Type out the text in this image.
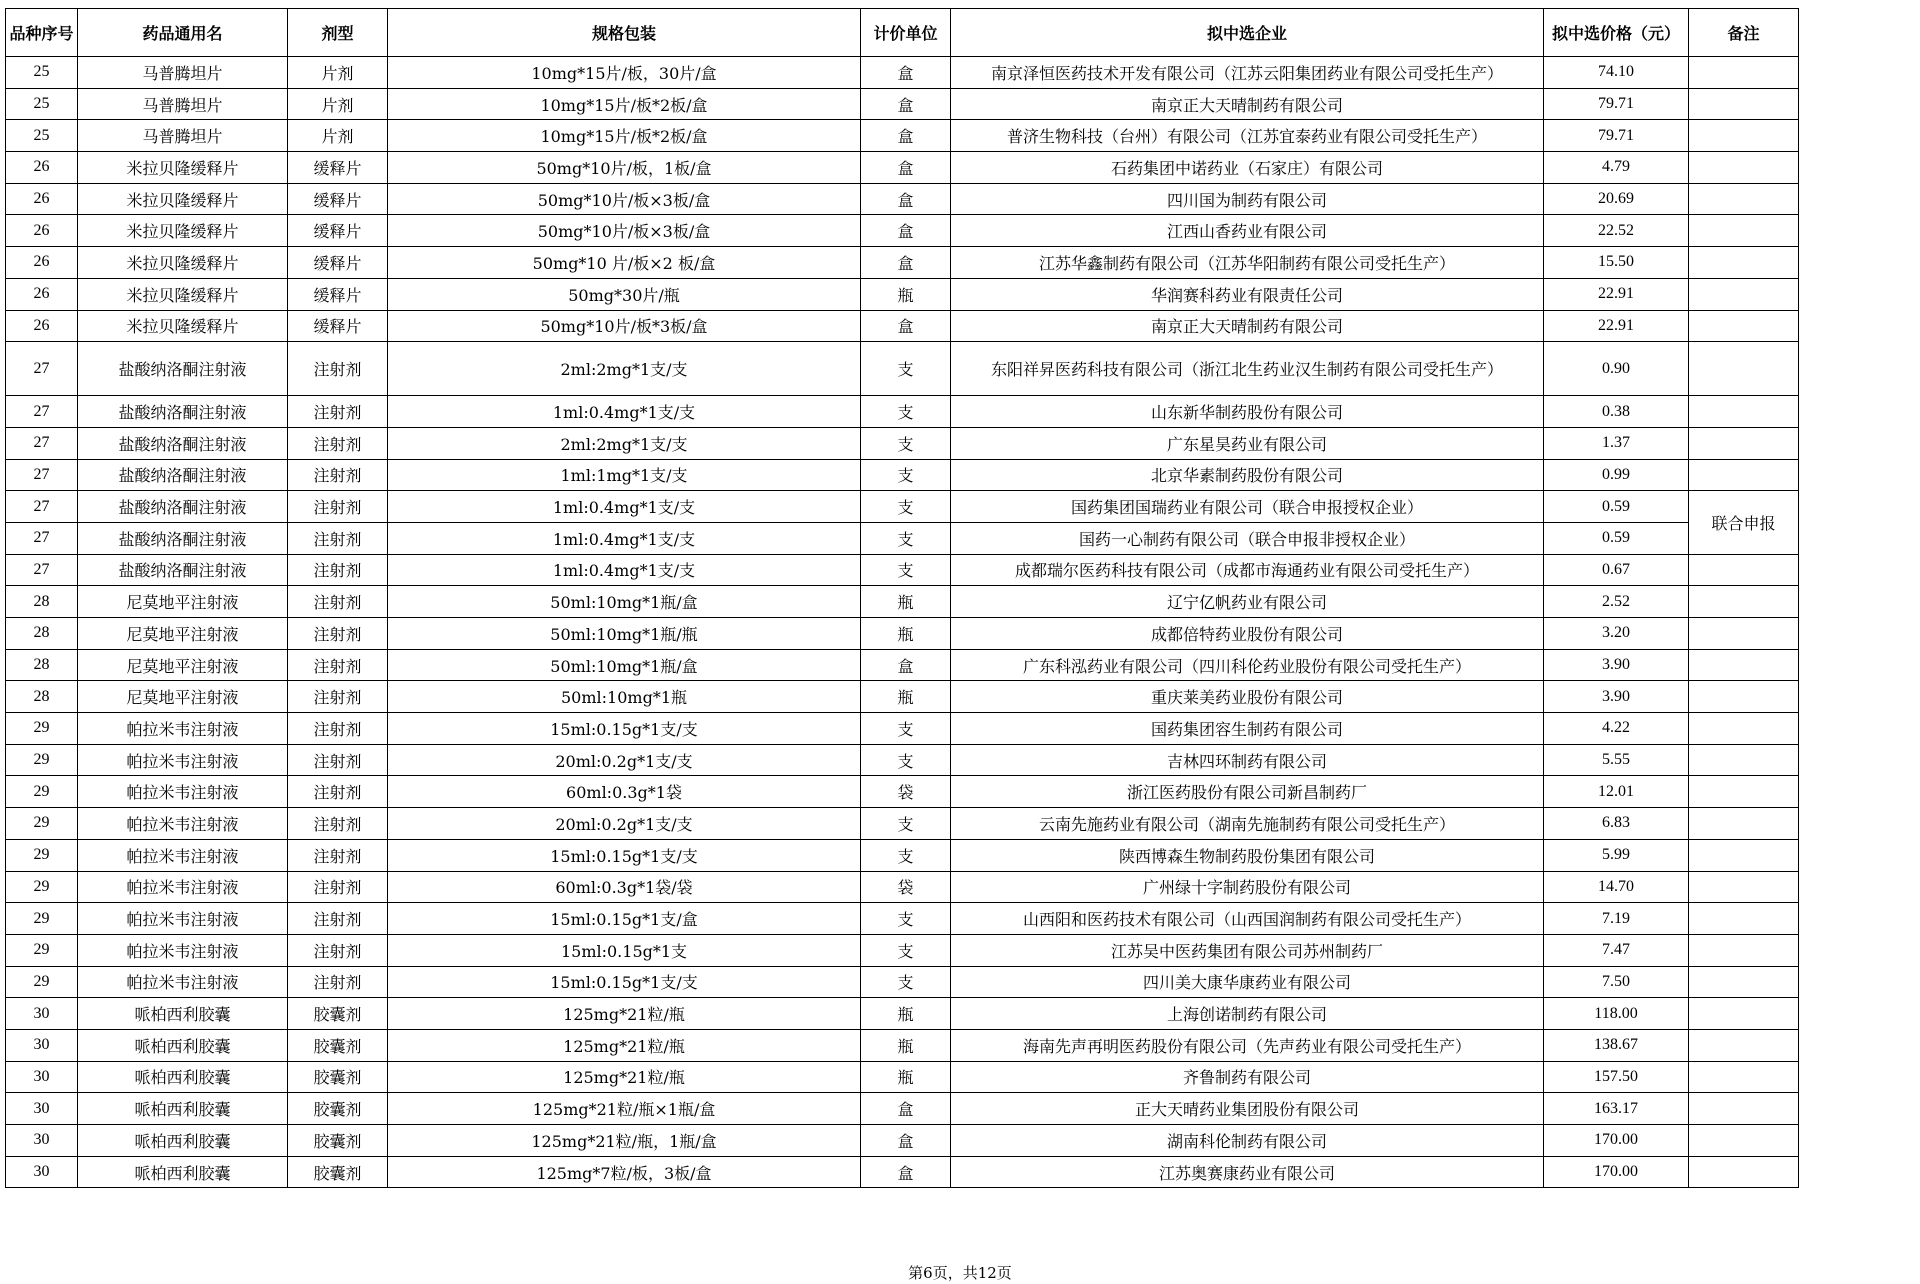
品种序号	药品通用名	剂型	规格包装	计价单位	拟中选企业	拟中选价格（元）	备注
25	马普腾坦片	片剂	10mg*15片/板，30片/盒	盒	南京泽恒医药技术开发有限公司（江苏云阳集团药业有限公司受托生产）	74.10	
25	马普腾坦片	片剂	10mg*15片/板*2板/盒	盒	南京正大天晴制药有限公司	79.71	
25	马普腾坦片	片剂	10mg*15片/板*2板/盒	盒	普济生物科技（台州）有限公司（江苏宜泰药业有限公司受托生产）	79.71	
26	米拉贝隆缓释片	缓释片	50mg*10片/板，1板/盒	盒	石药集团中诺药业（石家庄）有限公司	4.79	
26	米拉贝隆缓释片	缓释片	50mg*10片/板×3板/盒	盒	四川国为制药有限公司	20.69	
26	米拉贝隆缓释片	缓释片	50mg*10片/板×3板/盒	盒	江西山香药业有限公司	22.52	
26	米拉贝隆缓释片	缓释片	50mg*10 片/板×2 板/盒	盒	江苏华鑫制药有限公司（江苏华阳制药有限公司受托生产）	15.50	
26	米拉贝隆缓释片	缓释片	50mg*30片/瓶	瓶	华润赛科药业有限责任公司	22.91	
26	米拉贝隆缓释片	缓释片	50mg*10片/板*3板/盒	盒	南京正大天晴制药有限公司	22.91	
27	盐酸纳洛酮注射液	注射剂	2ml:2mg*1支/支	支	东阳祥昇医药科技有限公司（浙江北生药业汉生制药有限公司受托生产）	0.90	
27	盐酸纳洛酮注射液	注射剂	1ml:0.4mg*1支/支	支	山东新华制药股份有限公司	0.38	
27	盐酸纳洛酮注射液	注射剂	2ml:2mg*1支/支	支	广东星昊药业有限公司	1.37	
27	盐酸纳洛酮注射液	注射剂	1ml:1mg*1支/支	支	北京华素制药股份有限公司	0.99	
27	盐酸纳洛酮注射液	注射剂	1ml:0.4mg*1支/支	支	国药集团国瑞药业有限公司（联合申报授权企业）	0.59	联合申报
27	盐酸纳洛酮注射液	注射剂	1ml:0.4mg*1支/支	支	国药一心制药有限公司（联合申报非授权企业）	0.59	
27	盐酸纳洛酮注射液	注射剂	1ml:0.4mg*1支/支	支	成都瑞尔医药科技有限公司（成都市海通药业有限公司受托生产）	0.67	
28	尼莫地平注射液	注射剂	50ml:10mg*1瓶/盒	瓶	辽宁亿帆药业有限公司	2.52	
28	尼莫地平注射液	注射剂	50ml:10mg*1瓶/瓶	瓶	成都倍特药业股份有限公司	3.20	
28	尼莫地平注射液	注射剂	50ml:10mg*1瓶/盒	盒	广东科泓药业有限公司（四川科伦药业股份有限公司受托生产）	3.90	
28	尼莫地平注射液	注射剂	50ml:10mg*1瓶	瓶	重庆莱美药业股份有限公司	3.90	
29	帕拉米韦注射液	注射剂	15ml:0.15g*1支/支	支	国药集团容生制药有限公司	4.22	
29	帕拉米韦注射液	注射剂	20ml:0.2g*1支/支	支	吉林四环制药有限公司	5.55	
29	帕拉米韦注射液	注射剂	60ml:0.3g*1袋	袋	浙江医药股份有限公司新昌制药厂	12.01	
29	帕拉米韦注射液	注射剂	20ml:0.2g*1支/支	支	云南先施药业有限公司（湖南先施制药有限公司受托生产）	6.83	
29	帕拉米韦注射液	注射剂	15ml:0.15g*1支/支	支	陕西博森生物制药股份集团有限公司	5.99	
29	帕拉米韦注射液	注射剂	60ml:0.3g*1袋/袋	袋	广州绿十字制药股份有限公司	14.70	
29	帕拉米韦注射液	注射剂	15ml:0.15g*1支/盒	支	山西阳和医药技术有限公司（山西国润制药有限公司受托生产）	7.19	
29	帕拉米韦注射液	注射剂	15ml:0.15g*1支	支	江苏吴中医药集团有限公司苏州制药厂	7.47	
29	帕拉米韦注射液	注射剂	15ml:0.15g*1支/支	支	四川美大康华康药业有限公司	7.50	
30	哌柏西利胶囊	胶囊剂	125mg*21粒/瓶	瓶	上海创诺制药有限公司	118.00	
30	哌柏西利胶囊	胶囊剂	125mg*21粒/瓶	瓶	海南先声再明医药股份有限公司（先声药业有限公司受托生产）	138.67	
30	哌柏西利胶囊	胶囊剂	125mg*21粒/瓶	瓶	齐鲁制药有限公司	157.50	
30	哌柏西利胶囊	胶囊剂	125mg*21粒/瓶×1瓶/盒	盒	正大天晴药业集团股份有限公司	163.17	
30	哌柏西利胶囊	胶囊剂	125mg*21粒/瓶，1瓶/盒	盒	湖南科伦制药有限公司	170.00	
30	哌柏西利胶囊	胶囊剂	125mg*7粒/板，3板/盒	盒	江苏奥赛康药业有限公司	170.00	
第6页，共12页
